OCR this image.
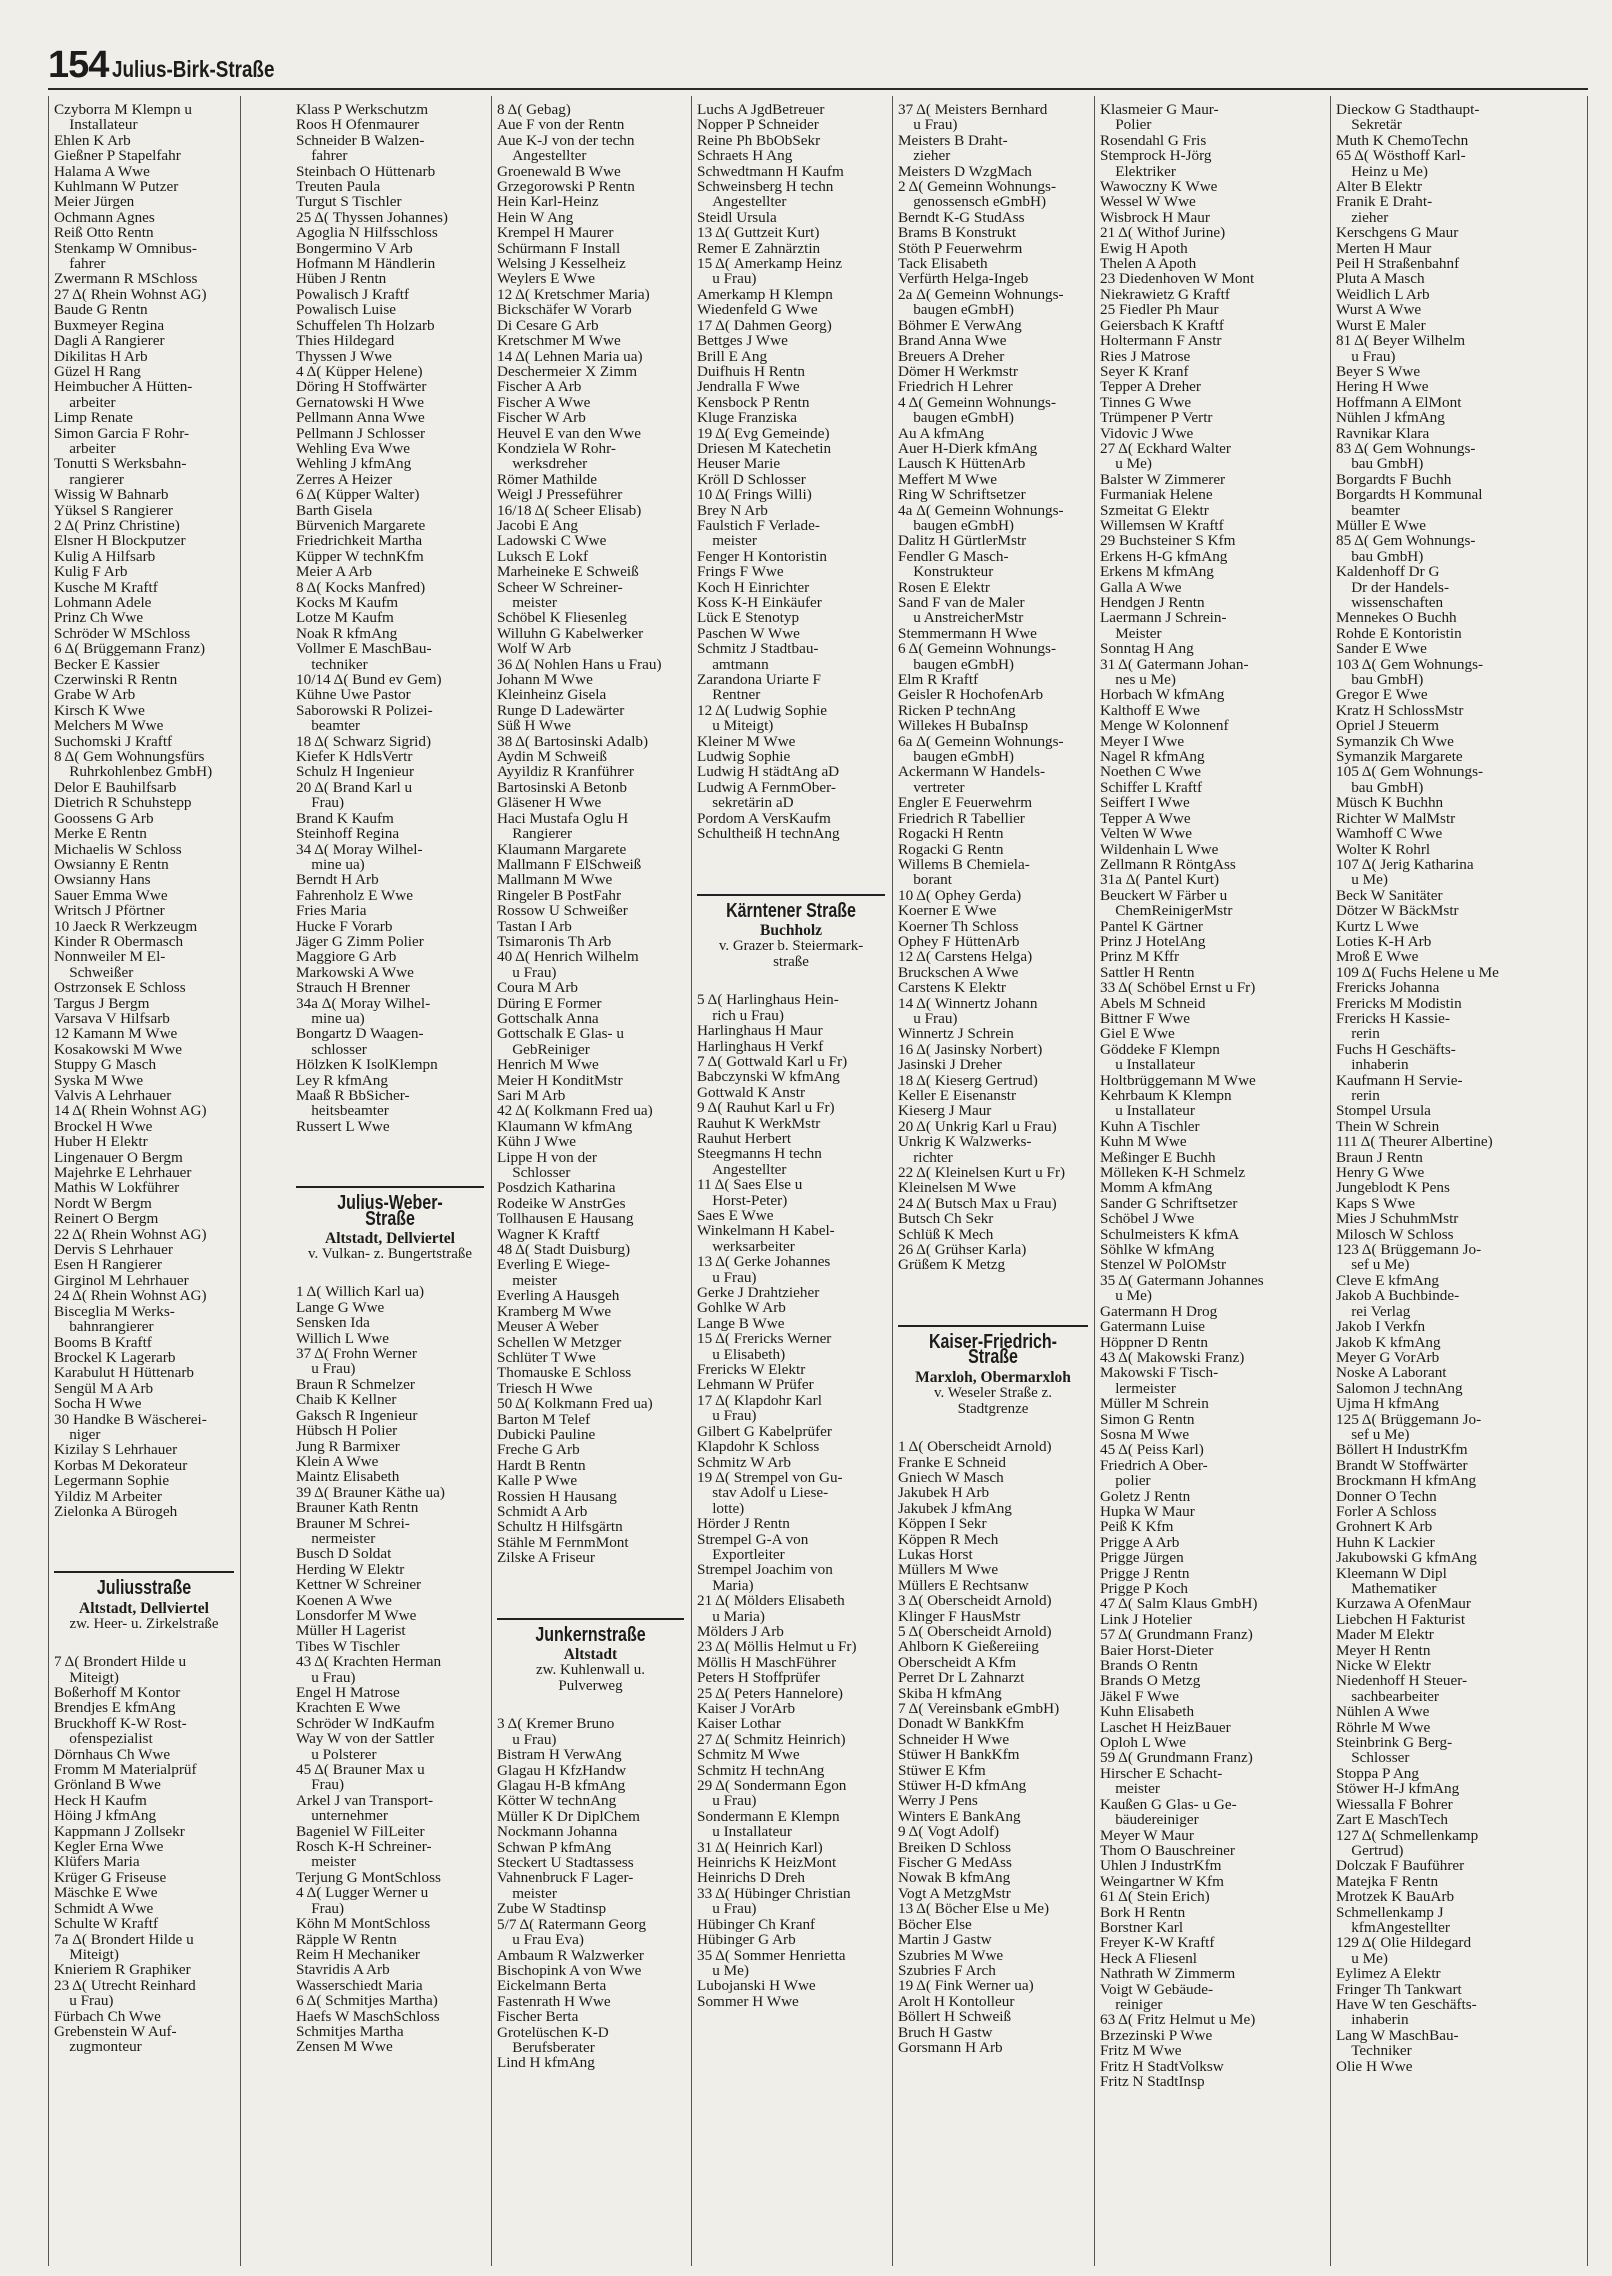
154 Julius-Birk-Straße
Czyborra M Klempn u
 Installateur
Ehlen K Arb
Gießner P Stapelfahr
Halama A Wwe
Kuhlmann W Putzer
Meier Jürgen
Ochmann Agnes
Reiß Otto Rentn
Stenkamp W Omnibus-
 fahrer
Zwermann R MSchloss
27 Δ( Rhein Wohnst AG)
Baude G Rentn
Buxmeyer Regina
Dagli A Rangierer
Dikilitas H Arb
Güzel H Rang
Heimbucher A Hütten-
 arbeiter
Limp Renate
Simon Garcia F Rohr-
 arbeiter
Tonutti S Werksbahn-
 rangierer
Wissig W Bahnarb
Yüksel S Rangierer
2 Δ( Prinz Christine)
Elsner H Blockputzer
Kulig A Hilfsarb
Kulig F Arb
Kusche M Kraftf
Lohmann Adele
Prinz Ch Wwe
Schröder W MSchloss
6 Δ( Brüggemann Franz)
Becker E Kassier
Czerwinski R Rentn
Grabe W Arb
Kirsch K Wwe
Melchers M Wwe
Suchomski J Kraftf
8 Δ( Gem Wohnungsfürs
 Ruhrkohlenbez GmbH)
Delor E Bauhilfsarb
Dietrich R Schuhstepp
Goossens G Arb
Merke E Rentn
Michaelis W Schloss
Owsianny E Rentn
Owsianny Hans
Sauer Emma Wwe
Writsch J Pförtner
10 Jaeck R Werkzeugm
Kinder R Obermasch
Nonnweiler M El-
 Schweißer
Ostrzonsek E Schloss
Targus J Bergm
Varsava V Hilfsarb
12 Kamann M Wwe
Kosakowski M Wwe
Stuppy G Masch
Syska M Wwe
Valvis A Lehrhauer
14 Δ( Rhein Wohnst AG)
Brockel H Wwe
Huber H Elektr
Lingenauer O Bergm
Majehrke E Lehrhauer
Mathis W Lokführer
Nordt W Bergm
Reinert O Bergm
22 Δ( Rhein Wohnst AG)
Dervis S Lehrhauer
Esen H Rangierer
Girginol M Lehrhauer
24 Δ( Rhein Wohnst AG)
Bisceglia M Werks-
 bahnrangierer
Booms B Kraftf
Brockel K Lagerarb
Karabulut H Hüttenarb
Sengül M A Arb
Socha H Wwe
30 Handke B Wäscherei-
 niger
Kizilay S Lehrhauer
Korbas M Dekorateur
Legermann Sophie
Yildiz M Arbeiter
Zielonka A Bürogeh
Juliusstraße
Altstadt, Dellviertel
zw. Heer- u. Zirkelstraße
7 Δ( Brondert Hilde u
 Miteigt)
Boßerhoff M Kontor
Brendjes E kfmAng
Bruckhoff K-W Rost-
 ofenspezialist
Dörnhaus Ch Wwe
Fromm M Materialprüf
Grönland B Wwe
Heck H Kaufm
Höing J kfmAng
Kappmann J Zollsekr
Kegler Erna Wwe
Klüfers Maria
Krüger G Friseuse
Mäschke E Wwe
Schmidt A Wwe
Schulte W Kraftf
7a Δ( Brondert Hilde u
 Miteigt)
Knieriem R Graphiker
23 Δ( Utrecht Reinhard
 u Frau)
Fürbach Ch Wwe
Grebenstein W Auf-
 zugmonteur
Klass P Werkschutzm
Roos H Ofenmaurer
Schneider B Walzen-
 fahrer
Steinbach O Hüttenarb
Treuten Paula
Turgut S Tischler
25 Δ( Thyssen Johannes)
Agoglia N Hilfsschloss
Bongermino V Arb
Hofmann M Händlerin
Hüben J Rentn
Powalisch J Kraftf
Powalisch Luise
Schuffelen Th Holzarb
Thies Hildegard
Thyssen J Wwe
4 Δ( Küpper Helene)
Döring H Stoffwärter
Gernatowski H Wwe
Pellmann Anna Wwe
Pellmann J Schlosser
Wehling Eva Wwe
Wehling J kfmAng
Zerres A Heizer
6 Δ( Küpper Walter)
Barth Gisela
Bürvenich Margarete
Friedrichkeit Martha
Küpper W technKfm
Meier A Arb
8 Δ( Kocks Manfred)
Kocks M Kaufm
Lotze M Kaufm
Noak R kfmAng
Vollmer E MaschBau-
 techniker
10/14 Δ( Bund ev Gem)
Kühne Uwe Pastor
Saborowski R Polizei-
 beamter
18 Δ( Schwarz Sigrid)
Kiefer K HdlsVertr
Schulz H Ingenieur
20 Δ( Brand Karl u
 Frau)
Brand K Kaufm
Steinhoff Regina
34 Δ( Moray Wilhel-
 mine ua)
Berndt H Arb
Fahrenholz E Wwe
Fries Maria
Hucke F Vorarb
Jäger G Zimm Polier
Maggiore G Arb
Markowski A Wwe
Strauch H Brenner
34a Δ( Moray Wilhel-
 mine ua)
Bongartz D Waagen-
 schlosser
Hölzken K IsolKlempn
Ley R kfmAng
Maaß R BbSicher-
 heitsbeamter
Russert L Wwe
Julius-Weber-Straße
Altstadt, Dellviertel
v. Vulkan- z. Bungertstraße
1 Δ( Willich Karl ua)
Lange G Wwe
Sensken Ida
Willich L Wwe
37 Δ( Frohn Werner
 u Frau)
Braun R Schmelzer
Chaib K Kellner
Gaksch R Ingenieur
Hübsch H Polier
Jung R Barmixer
Klein A Wwe
Maintz Elisabeth
39 Δ( Brauner Käthe ua)
Brauner Kath Rentn
Brauner M Schrei-
 nermeister
Busch D Soldat
Herding W Elektr
Kettner W Schreiner
Koenen A Wwe
Lonsdorfer M Wwe
Müller H Lagerist
Tibes W Tischler
43 Δ( Krachten Herman
 u Frau)
Engel H Matrose
Krachten E Wwe
Schröder W IndKaufm
Way W von der Sattler
 u Polsterer
45 Δ( Brauner Max u
 Frau)
Arkel J van Transport-
 unternehmer
Bageniel W FilLeiter
Rosch K-H Schreiner-
 meister
Terjung G MontSchloss
4 Δ( Lugger Werner u
 Frau)
Köhn M MontSchloss
Räpple W Rentn
Reim H Mechaniker
Stavridis A Arb
Wasserschiedt Maria
6 Δ( Schmitjes Martha)
Haefs W MaschSchloss
Schmitjes Martha
Zensen M Wwe
8 Δ( Gebag)
Aue F von der Rentn
Aue K-J von der techn
 Angestellter
Groenewald B Wwe
Grzegorowski P Rentn
Hein Karl-Heinz
Hein W Ang
Krempel H Maurer
Schürmann F Install
Welsing J Kesselheiz
Weylers E Wwe
12 Δ( Kretschmer Maria)
Bickschäfer W Vorarb
Di Cesare G Arb
Kretschmer M Wwe
14 Δ( Lehnen Maria ua)
Deschermeier X Zimm
Fischer A Arb
Fischer A Wwe
Fischer W Arb
Heuvel E van den Wwe
Kondziela W Rohr-
 werksdreher
Römer Mathilde
Weigl J Presseführer
16/18 Δ( Scheer Elisab)
Jacobi E Ang
Ladowski C Wwe
Luksch E Lokf
Marheineke E Schweiß
Scheer W Schreiner-
 meister
Schöbel K Fliesenleg
Willuhn G Kabelwerker
Wolf W Arb
36 Δ( Nohlen Hans u Frau)
Johann M Wwe
Kleinheinz Gisela
Runge D Ladewärter
Süß H Wwe
38 Δ( Bartosinski Adalb)
Aydin M Schweiß
Ayyildiz R Kranführer
Bartosinski A Betonb
Gläsener H Wwe
Haci Mustafa Oglu H
 Rangierer
Klaumann Margarete
Mallmann F ElSchweiß
Mallmann M Wwe
Ringeler B PostFahr
Rossow U Schweißer
Tastan I Arb
Tsimaronis Th Arb
40 Δ( Henrich Wilhelm
 u Frau)
Coura M Arb
Düring E Former
Gottschalk Anna
Gottschalk E Glas- u
 GebReiniger
Henrich M Wwe
Meier H KonditMstr
Sari M Arb
42 Δ( Kolkmann Fred ua)
Klaumann W kfmAng
Kühn J Wwe
Lippe H von der
 Schlosser
Posdzich Katharina
Rodeike W AnstrGes
Tollhausen E Hausang
Wagner K Kraftf
48 Δ( Stadt Duisburg)
Everling E Wiege-
 meister
Everling A Hausgeh
Kramberg M Wwe
Meuser A Weber
Schellen W Metzger
Schlüter T Wwe
Thomauske E Schloss
Triesch H Wwe
50 Δ( Kolkmann Fred ua)
Barton M Telef
Dubicki Pauline
Freche G Arb
Hardt B Rentn
Kalle P Wwe
Rossien H Hausang
Schmidt A Arb
Schultz H Hilfsgärtn
Stähle M FernmMont
Zilske A Friseur
Junkernstraße
Altstadt
zw. Kuhlenwall u.
Pulverweg
3 Δ( Kremer Bruno
 u Frau)
Bistram H VerwAng
Glagau H KfzHandw
Glagau H-B kfmAng
Kötter W technAng
Müller K Dr DiplChem
Nockmann Johanna
Schwan P kfmAng
Steckert U Stadtassess
Vahnenbruck F Lager-
 meister
Zube W Stadtinsp
5/7 Δ( Ratermann Georg
 u Frau Eva)
Ambaum R Walzwerker
Bischopink A von Wwe
Eickelmann Berta
Fastenrath H Wwe
Fischer Berta
Grotelüschen K-D
 Berufsberater
Lind H kfmAng
Luchs A JgdBetreuer
Nopper P Schneider
Reine Ph BbObSekr
Schraets H Ang
Schwedtmann H Kaufm
Schweinsberg H techn
 Angestellter
Steidl Ursula
13 Δ( Guttzeit Kurt)
Remer E Zahnärztin
15 Δ( Amerkamp Heinz
 u Frau)
Amerkamp H Klempn
Wiedenfeld G Wwe
17 Δ( Dahmen Georg)
Bettges J Wwe
Brill E Ang
Duifhuis H Rentn
Jendralla F Wwe
Kensbock P Rentn
Kluge Franziska
19 Δ( Evg Gemeinde)
Driesen M Katechetin
Heuser Marie
Kröll D Schlosser
10 Δ( Frings Willi)
Brey N Arb
Faulstich F Verlade-
 meister
Fenger H Kontoristin
Frings F Wwe
Koch H Einrichter
Koss K-H Einkäufer
Lück E Stenotyp
Paschen W Wwe
Schmitz J Stadtbau-
 amtmann
Zarandona Uriarte F
 Rentner
12 Δ( Ludwig Sophie
 u Miteigt)
Kleiner M Wwe
Ludwig Sophie
Ludwig H städtAng aD
Ludwig A FernmOber-
 sekretärin aD
Pordom A VersKaufm
Schultheiß H technAng
Kärntener Straße
Buchholz
v. Grazer b. Steiermark-
straße
5 Δ( Harlinghaus Hein-
 rich u Frau)
Harlinghaus H Maur
Harlinghaus H Verkf
7 Δ( Gottwald Karl u Fr)
Babczynski W kfmAng
Gottwald K Anstr
9 Δ( Rauhut Karl u Fr)
Rauhut K WerkMstr
Rauhut Herbert
Steegmanns H techn
 Angestellter
11 Δ( Saes Else u
 Horst-Peter)
Saes E Wwe
Winkelmann H Kabel-
 werksarbeiter
13 Δ( Gerke Johannes
 u Frau)
Gerke J Drahtzieher
Gohlke W Arb
Lange B Wwe
15 Δ( Frericks Werner
 u Elisabeth)
Frericks W Elektr
Lehmann W Prüfer
17 Δ( Klapdohr Karl
 u Frau)
Gilbert G Kabelprüfer
Klapdohr K Schloss
Schmitz W Arb
19 Δ( Strempel von Gu-
 stav Adolf u Liese-
 lotte)
Hörder J Rentn
Strempel G-A von
 Exportleiter
Strempel Joachim von
 Maria)
21 Δ( Mölders Elisabeth
 u Maria)
Mölders J Arb
23 Δ( Möllis Helmut u Fr)
Möllis H MaschFührer
Peters H Stoffprüfer
25 Δ( Peters Hannelore)
Kaiser J VorArb
Kaiser Lothar
27 Δ( Schmitz Heinrich)
Schmitz M Wwe
Schmitz H technAng
29 Δ( Sondermann Egon
 u Frau)
Sondermann E Klempn
 u Installateur
31 Δ( Heinrich Karl)
Heinrichs K HeizMont
Heinrichs D Dreh
33 Δ( Hübinger Christian
 u Frau)
Hübinger Ch Kranf
Hübinger G Arb
35 Δ( Sommer Henrietta
 u Me)
Lubojanski H Wwe
Sommer H Wwe
37 Δ( Meisters Bernhard
 u Frau)
Meisters B Draht-
 zieher
Meisters D WzgMach
2 Δ( Gemeinn Wohnungs-
 genossensch eGmbH)
Berndt K-G StudAss
Brams B Konstrukt
Stöth P Feuerwehrm
Tack Elisabeth
Verfürth Helga-Ingeb
2a Δ( Gemeinn Wohnungs-
 baugen eGmbH)
Böhmer E VerwAng
Brand Anna Wwe
Breuers A Dreher
Dömer H Werkmstr
Friedrich H Lehrer
4 Δ( Gemeinn Wohnungs-
 baugen eGmbH)
Au A kfmAng
Auer H-Dierk kfmAng
Lausch K HüttenArb
Meffert M Wwe
Ring W Schriftsetzer
4a Δ( Gemeinn Wohnungs-
 baugen eGmbH)
Dalitz H GürtlerMstr
Fendler G Masch-
 Konstrukteur
Rosen E Elektr
Sand F van de Maler
 u AnstreicherMstr
Stemmermann H Wwe
6 Δ( Gemeinn Wohnungs-
 baugen eGmbH)
Elm R Kraftf
Geisler R HochofenArb
Ricken P technAng
Willekes H BubaInsp
6a Δ( Gemeinn Wohnungs-
 baugen eGmbH)
Ackermann W Handels-
 vertreter
Engler E Feuerwehrm
Friedrich R Tabellier
Rogacki H Rentn
Rogacki G Rentn
Willems B Chemiela-
 borant
10 Δ( Ophey Gerda)
Koerner E Wwe
Koerner Th Schloss
Ophey F HüttenArb
12 Δ( Carstens Helga)
Bruckschen A Wwe
Carstens K Elektr
14 Δ( Winnertz Johann
 u Frau)
Winnertz J Schrein
16 Δ( Jasinsky Norbert)
Jasinski J Dreher
18 Δ( Kieserg Gertrud)
Keller E Eisenanstr
Kieserg J Maur
20 Δ( Unkrig Karl u Frau)
Unkrig K Walzwerks-
 richter
22 Δ( Kleinelsen Kurt u Fr)
Kleinelsen M Wwe
24 Δ( Butsch Max u Frau)
Butsch Ch Sekr
Schlüß K Mech
26 Δ( Grühser Karla)
Grüßem K Metzg
Kaiser-Friedrich-Straße
Marxloh, Obermarxloh
v. Weseler Straße z.
Stadtgrenze
1 Δ( Oberscheidt Arnold)
Franke E Schneid
Gniech W Masch
Jakubek H Arb
Jakubek J kfmAng
Köppen I Sekr
Köppen R Mech
Lukas Horst
Müllers M Wwe
Müllers E Rechtsanw
3 Δ( Oberscheidt Arnold)
Klinger F HausMstr
5 Δ( Oberscheidt Arnold)
Ahlborn K Gießereiing
Oberscheidt A Kfm
Perret Dr L Zahnarzt
Skiba H kfmAng
7 Δ( Vereinsbank eGmbH)
Donadt W BankKfm
Schneider H Wwe
Stüwer H BankKfm
Stüwer E Kfm
Stüwer H-D kfmAng
Werry J Pens
Winters E BankAng
9 Δ( Vogt Adolf)
Breiken D Schloss
Fischer G MedAss
Nowak B kfmAng
Vogt A MetzgMstr
13 Δ( Böcher Else u Me)
Böcher Else
Martin J Gastw
Szubries M Wwe
Szubries F Arch
19 Δ( Fink Werner ua)
Arolt H Kontolleur
Böllert H Schweiß
Bruch H Gastw
Gorsmann H Arb
Klasmeier G Maur-
 Polier
Rosendahl G Fris
Stemprock H-Jörg
 Elektriker
Wawoczny K Wwe
Wessel W Wwe
Wisbrock H Maur
21 Δ( Withof Jurine)
Ewig H Apoth
Thelen A Apoth
23 Diedenhoven W Mont
Niekrawietz G Kraftf
25 Fiedler Ph Maur
Geiersbach K Kraftf
Holtermann F Anstr
Ries J Matrose
Seyer K Kranf
Tepper A Dreher
Tinnes G Wwe
Trümpener P Vertr
Vidovic J Wwe
27 Δ( Eckhard Walter
 u Me)
Balster W Zimmerer
Furmaniak Helene
Szmeitat G Elektr
Willemsen W Kraftf
29 Buchsteiner S Kfm
Erkens H-G kfmAng
Erkens M kfmAng
Galla A Wwe
Hendgen J Rentn
Laermann J Schrein-
 Meister
Sonntag H Ang
31 Δ( Gatermann Johan-
 nes u Me)
Horbach W kfmAng
Kalthoff E Wwe
Menge W Kolonnenf
Meyer I Wwe
Nagel R kfmAng
Noethen C Wwe
Schiffer L Kraftf
Seiffert I Wwe
Tepper A Wwe
Velten W Wwe
Wildenhain L Wwe
Zellmann R RöntgAss
31a Δ( Pantel Kurt)
Beuckert W Färber u
 ChemReinigerMstr
Pantel K Gärtner
Prinz J HotelAng
Prinz M Kffr
Sattler H Rentn
33 Δ( Schöbel Ernst u Fr)
Abels M Schneid
Bittner F Wwe
Giel E Wwe
Göddeke F Klempn
 u Installateur
Holtbrüggemann M Wwe
Kehrbaum K Klempn
 u Installateur
Kuhn A Tischler
Kuhn M Wwe
Meßinger E Buchh
Mölleken K-H Schmelz
Momm A kfmAng
Sander G Schriftsetzer
Schöbel J Wwe
Schulmeisters K kfmA
Söhlke W kfmAng
Stenzel W PolOMstr
35 Δ( Gatermann Johannes
 u Me)
Gatermann H Drog
Gatermann Luise
Höppner D Rentn
43 Δ( Makowski Franz)
Makowski F Tisch-
 lermeister
Müller M Schrein
Simon G Rentn
Sosna M Wwe
45 Δ( Peiss Karl)
Friedrich A Ober-
 polier
Goletz J Rentn
Hupka W Maur
Peiß K Kfm
Prigge A Arb
Prigge Jürgen
Prigge J Rentn
Prigge P Koch
47 Δ( Salm Klaus GmbH)
Link J Hotelier
57 Δ( Grundmann Franz)
Baier Horst-Dieter
Brands O Rentn
Brands O Metzg
Jäkel F Wwe
Kuhn Elisabeth
Laschet H HeizBauer
Oploh L Wwe
59 Δ( Grundmann Franz)
Hirscher E Schacht-
 meister
Kaußen G Glas- u Ge-
 bäudereiniger
Meyer W Maur
Thom O Bauschreiner
Uhlen J IndustrKfm
Weingartner W Kfm
61 Δ( Stein Erich)
Bork H Rentn
Borstner Karl
Freyer K-W Kraftf
Heck A Fliesenl
Nathrath W Zimmerm
Voigt W Gebäude-
 reiniger
63 Δ( Fritz Helmut u Me)
Brzezinski P Wwe
Fritz M Wwe
Fritz H StadtVolksw
Fritz N StadtInsp
Dieckow G Stadthaupt-
 Sekretär
Muth K ChemoTechn
65 Δ( Wösthoff Karl-
 Heinz u Me)
Alter B Elektr
Franik E Draht-
 zieher
Kerschgens G Maur
Merten H Maur
Peil H Straßenbahnf
Pluta A Masch
Weidlich L Arb
Wurst A Wwe
Wurst E Maler
81 Δ( Beyer Wilhelm
 u Frau)
Beyer S Wwe
Hering H Wwe
Hoffmann A ElMont
Nühlen J kfmAng
Ravnikar Klara
83 Δ( Gem Wohnungs-
 bau GmbH)
Borgardts F Buchh
Borgardts H Kommunal
 beamter
Müller E Wwe
85 Δ( Gem Wohnungs-
 bau GmbH)
Kaldenhoff Dr G
 Dr der Handels-
 wissenschaften
Mennekes O Buchh
Rohde E Kontoristin
Sander E Wwe
103 Δ( Gem Wohnungs-
 bau GmbH)
Gregor E Wwe
Kratz H SchlossMstr
Opriel J Steuerm
Symanzik Ch Wwe
Symanzik Margarete
105 Δ( Gem Wohnungs-
 bau GmbH)
Müsch K Buchhn
Richter W MalMstr
Wamhoff C Wwe
Wolter K Rohrl
107 Δ( Jerig Katharina
 u Me)
Beck W Sanitäter
Dötzer W BäckMstr
Kurtz L Wwe
Loties K-H Arb
Mroß E Wwe
109 Δ( Fuchs Helene u Me
Frericks Johanna
Frericks M Modistin
Frericks H Kassie-
 rerin
Fuchs H Geschäfts-
 inhaberin
Kaufmann H Servie-
 rerin
Stompel Ursula
Thein W Schrein
111 Δ( Theurer Albertine)
Braun J Rentn
Henry G Wwe
Jungeblodt K Pens
Kaps S Wwe
Mies J SchuhmMstr
Milosch W Schloss
123 Δ( Brüggemann Jo-
 sef u Me)
Cleve E kfmAng
Jakob A Buchbinde-
 rei Verlag
Jakob I Verkfn
Jakob K kfmAng
Meyer G VorArb
Noske A Laborant
Salomon J technAng
Ujma H kfmAng
125 Δ( Brüggemann Jo-
 sef u Me)
Böllert H IndustrKfm
Brandt W Stoffwärter
Brockmann H kfmAng
Donner O Techn
Forler A Schloss
Grohnert K Arb
Huhn K Lackier
Jakubowski G kfmAng
Kleemann W Dipl
 Mathematiker
Kurzawa A OfenMaur
Liebchen H Fakturist
Mader M Elektr
Meyer H Rentn
Nicke W Elektr
Niedenhoff H Steuer-
 sachbearbeiter
Nühlen A Wwe
Röhrle M Wwe
Steinbrink G Berg-
 Schlosser
Stoppa P Ang
Stöwer H-J kfmAng
Wiessalla F Bohrer
Zart E MaschTech
127 Δ( Schmellenkamp
 Gertrud)
Dolczak F Bauführer
Matejka F Rentn
Mrotzek K BauArb
Schmellenkamp J
 kfmAngestellter
129 Δ( Olie Hildegard
 u Me)
Eylimez A Elektr
Fringer Th Tankwart
Have W ten Geschäfts-
 inhaberin
Lang W MaschBau-
 Techniker
Olie H Wwe
